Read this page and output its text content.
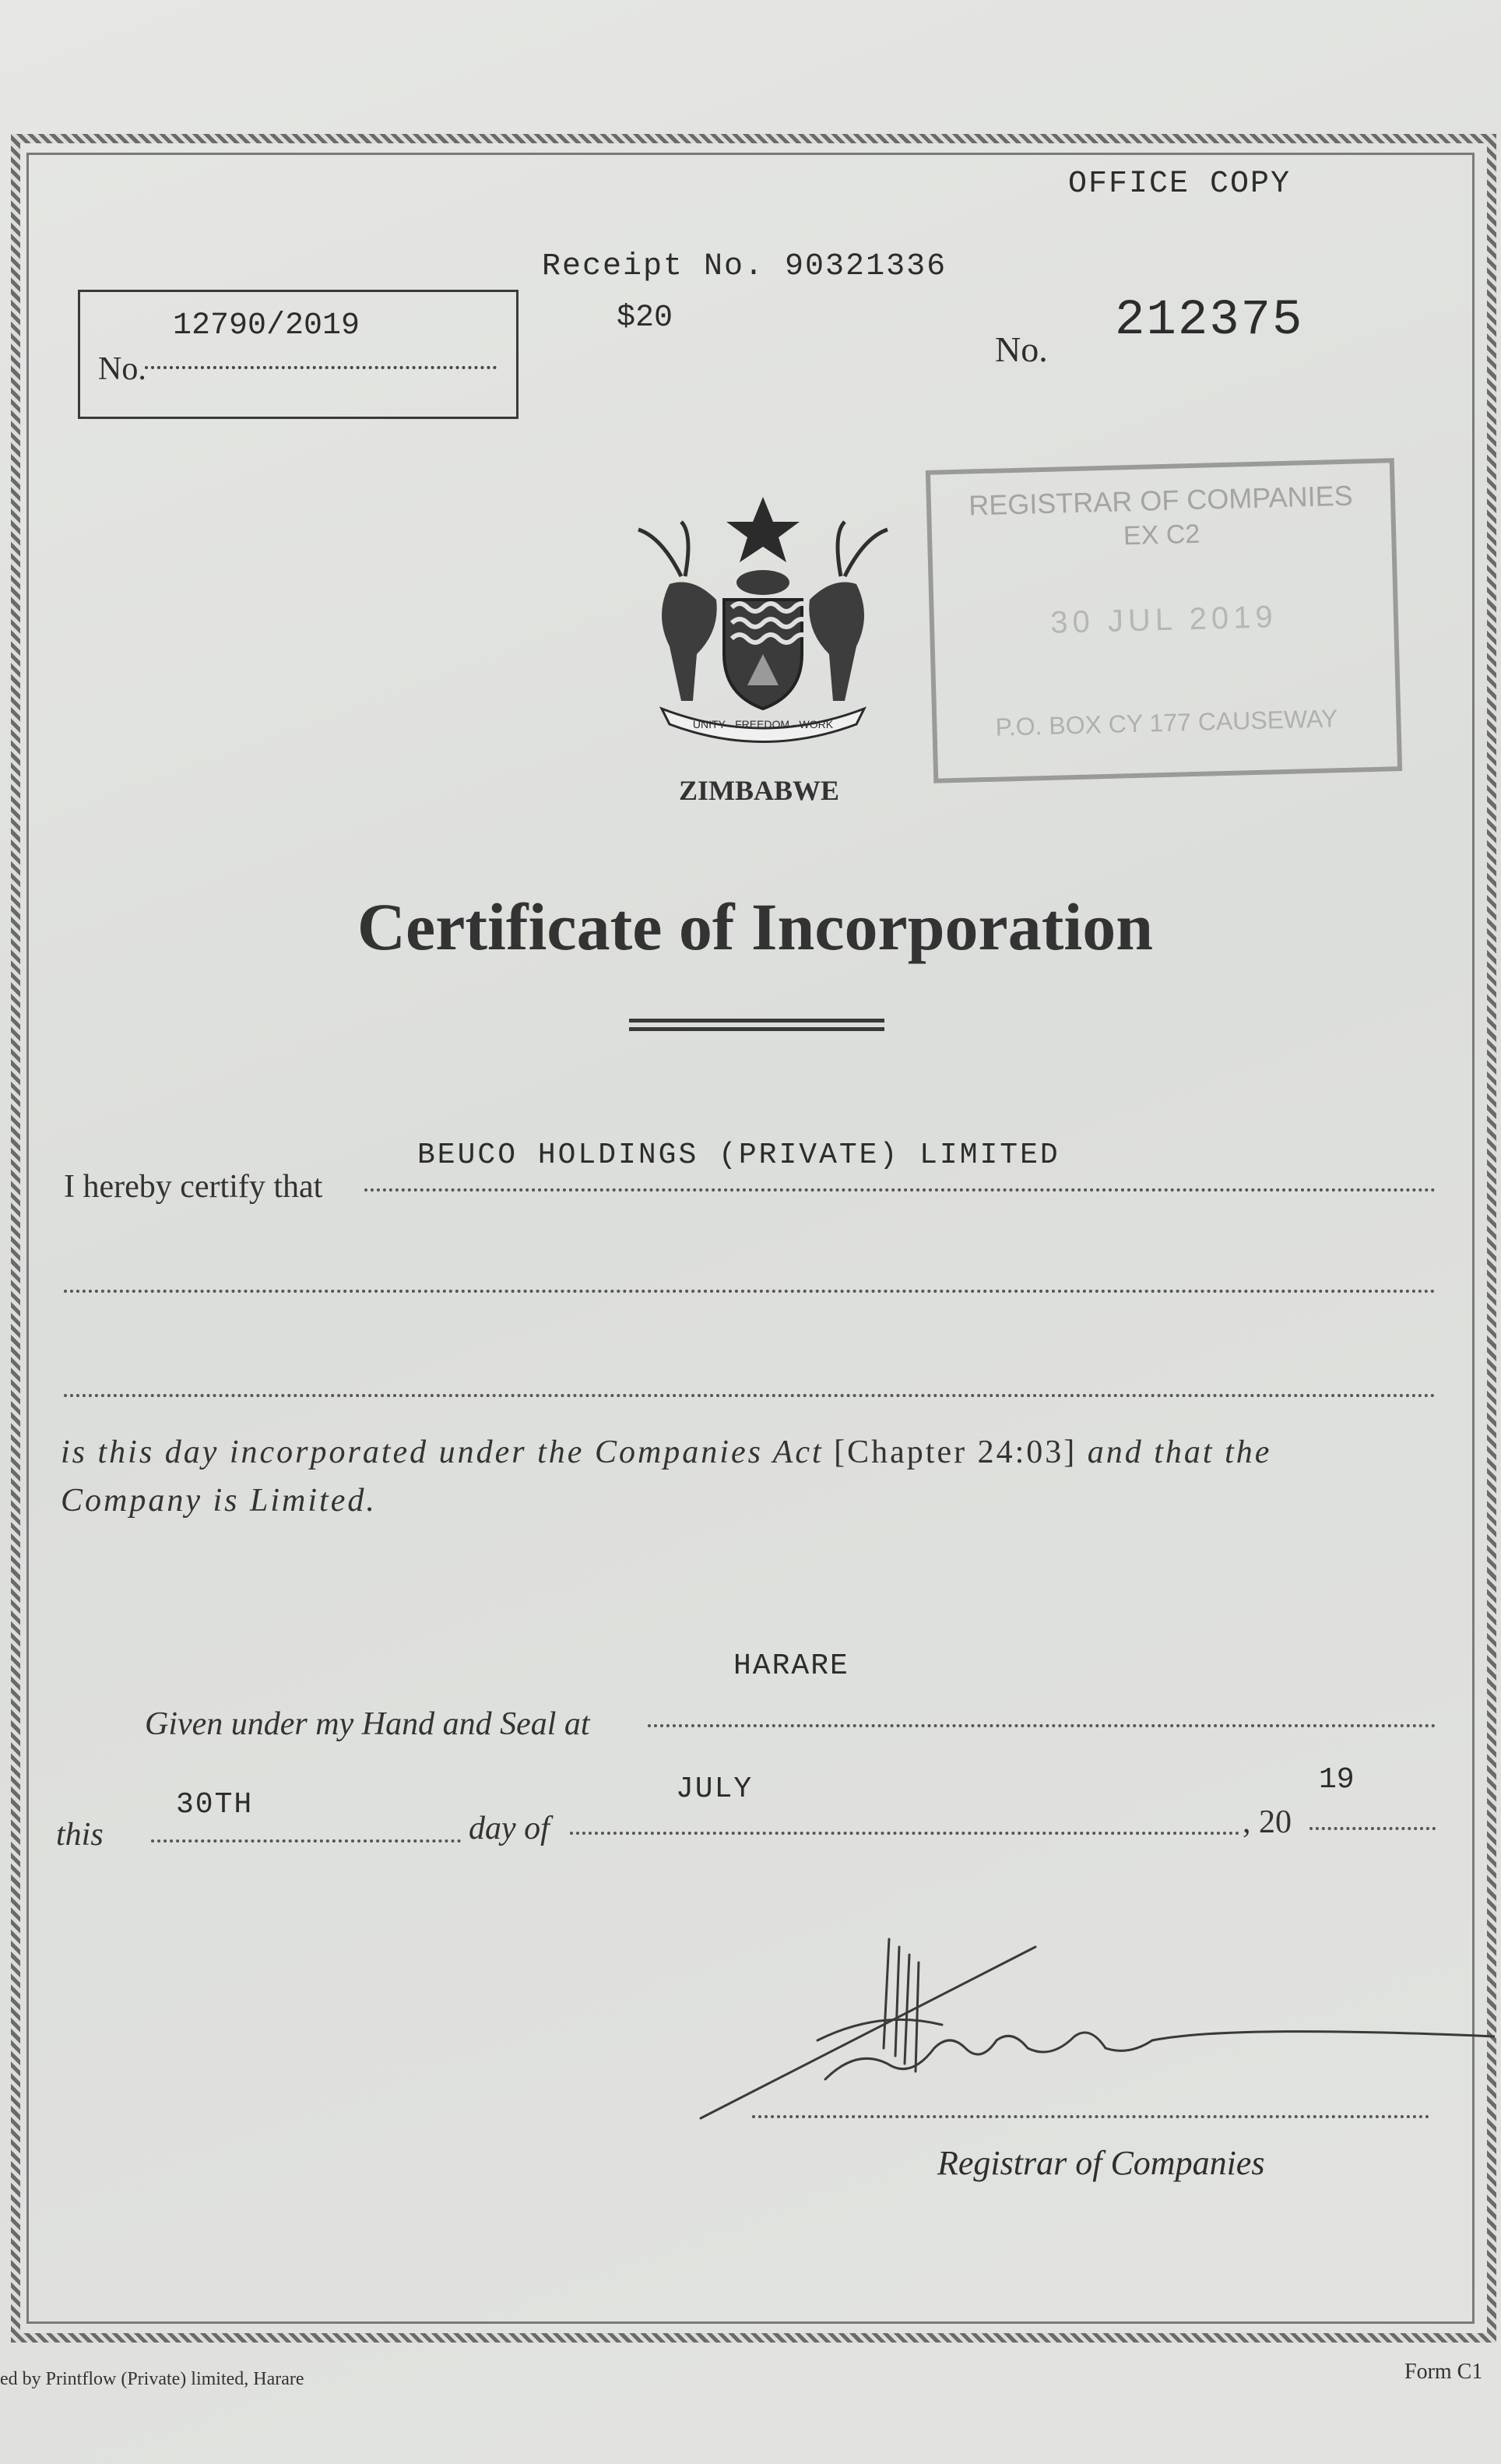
OFFICE COPY
Receipt No. 90321336
$20
No.
212375
12790/2019
No.
REGISTRAR OF COMPANIES
EX C2
30 JUL 2019
P.O. BOX CY 177 CAUSEWAY
UNITY - FREEDOM - WORK
ZIMBABWE
Certificate of Incorporation
I hereby certify that
BEUCO HOLDINGS (PRIVATE) LIMITED
is this day incorporated under the Companies Act [Chapter 24:03] and that the Company is Limited.
HARARE
Given under my Hand and Seal at
this
30TH
day of
JULY
, 20
19
Registrar of Companies
ed by Printflow (Private) limited, Harare	Form C1
